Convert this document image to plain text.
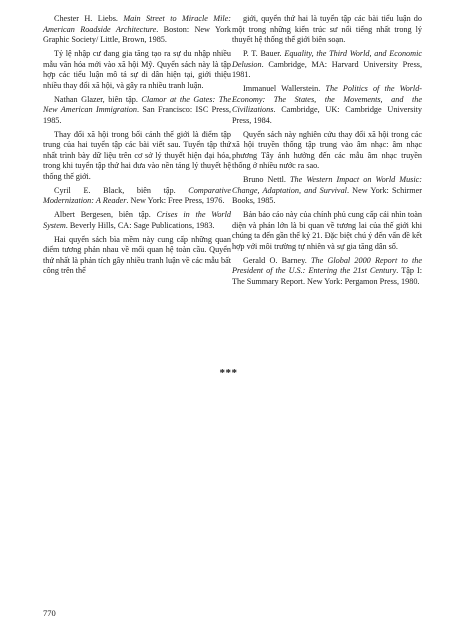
Chester H. Liebs. Main Street to Miracle Mile: American Roadside Architecture. Boston: New York Graphic Society/ Little, Brown, 1985.

Tỷ lệ nhập cư đang gia tăng tạo ra sự du nhập nhiều mẫu văn hóa mới vào xã hội Mỹ. Quyển sách này là tập hợp các tiểu luận mô tả sự di dân hiện tại, giới thiệu nhiều thay đổi xã hội, và gây ra nhiều tranh luận.

Nathan Glazer, biên tập. Clamor at the Gates: The New American Immigration. San Francisco: ISC Press, 1985.

Thay đổi xã hội trong bối cảnh thế giới là điểm tập trung của hai tuyển tập các bài viết sau. Tuyển tập thứ nhất trình bày dữ liệu trên cơ sở lý thuyết hiện đại hóa, trong khi tuyển tập thứ hai đưa vào nền tảng lý thuyết hệ thống thế giới.

Cyril E. Black, biên tập. Comparative Modernization: A Reader. New York: Free Press, 1976.

Albert Bergesen, biên tập. Crises in the World System. Beverly Hills, CA: Sage Publications, 1983.

Hai quyển sách bìa mềm này cung cấp những quan điểm tương phản nhau về mối quan hệ toàn cầu. Quyển thứ nhất là phản tích gây nhiều tranh luận về các mẫu bất công trên thế

giới, quyển thứ hai là tuyển tập các bài tiểu luận do một trong những kiến trúc sư nổi tiếng nhất trong lý thuyết hệ thống thế giới biên soạn.

P. T. Bauer. Equality, the Third World, and Economic Delusion. Cambridge, MA: Harvard University Press, 1981.

Immanuel Wallerstein. The Politics of the World-Economy: The States, the Movements, and the Civilizations. Cambridge, UK: Cambridge University Press, 1984.

Quyển sách này nghiên cứu thay đổi xã hội trong các xã hội truyền thống tập trung vào âm nhạc: âm nhạc phương Tây ảnh hưởng đến các mẫu âm nhạc truyền thống ở nhiều nước ra sao.

Bruno Nettl. The Western Impact on World Music: Change, Adaptation, and Survival. New York: Schirmer Books, 1985.

Bản báo cáo này của chính phủ cung cấp cái nhìn toàn diện và phản lớn là bi quan về tương lai của thế giới khi chúng ta đến gần thế kỷ 21. Đặc biệt chú ý đến vấn đề kết hợp với môi trường tự nhiên và sự gia tăng dân số.

Gerald O. Barney. The Global 2000 Report to the President of the U.S.: Entering the 21st Century. Tập I: The Summary Report. New York: Pergamon Press, 1980.

***
770
